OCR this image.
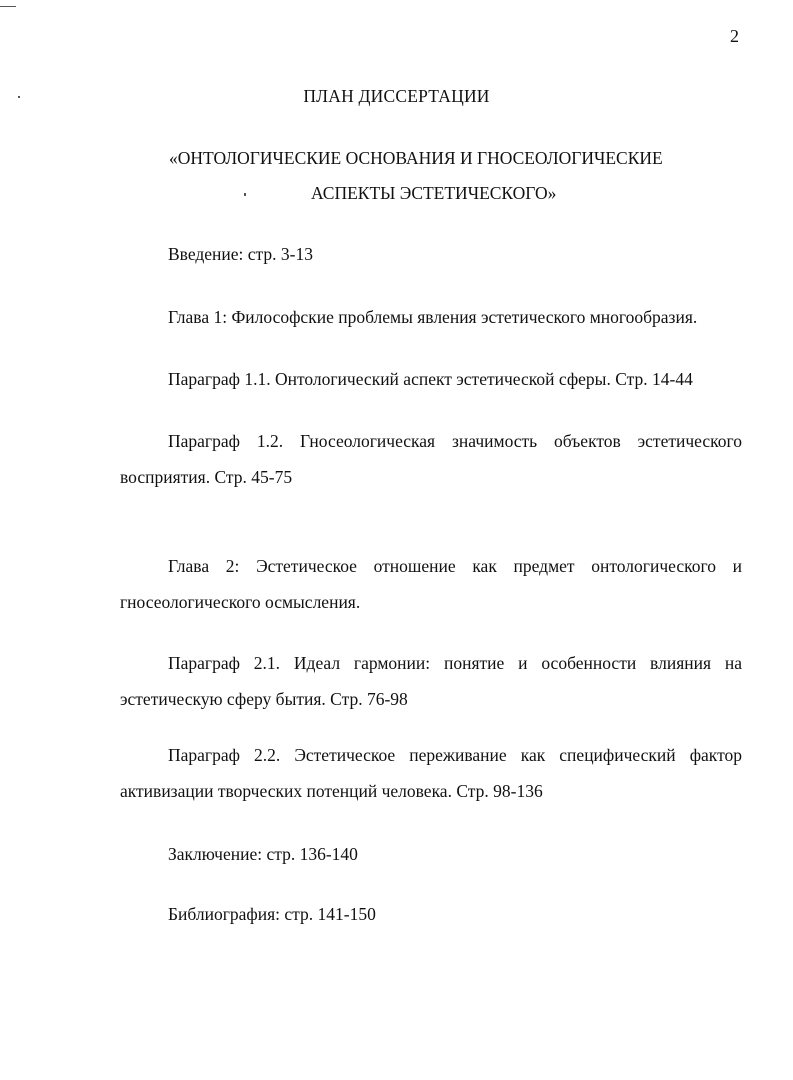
2
ПЛАН ДИССЕРТАЦИИ
«ОНТОЛОГИЧЕСКИЕ ОСНОВАНИЯ И ГНОСЕОЛОГИЧЕСКИЕ
АСПЕКТЫ ЭСТЕТИЧЕСКОГО»

Введение: стр. 3-13

Глава 1: Философские проблемы явления эстетического многообразия.

Параграф 1.1. Онтологический аспект эстетической сферы. Стр. 14-44

Параграф 1.2. Гносеологическая значимость объектов эстетического восприятия. Стр. 45-75

Глава 2: Эстетическое отношение как предмет онтологического и гносеологического осмысления.

Параграф 2.1. Идеал гармонии: понятие и особенности влияния на эстетическую сферу бытия. Стр. 76-98

Параграф 2.2. Эстетическое переживание как специфический фактор активизации творческих потенций человека. Стр. 98-136

Заключение: стр. 136-140

Библиография: стр. 141-150
